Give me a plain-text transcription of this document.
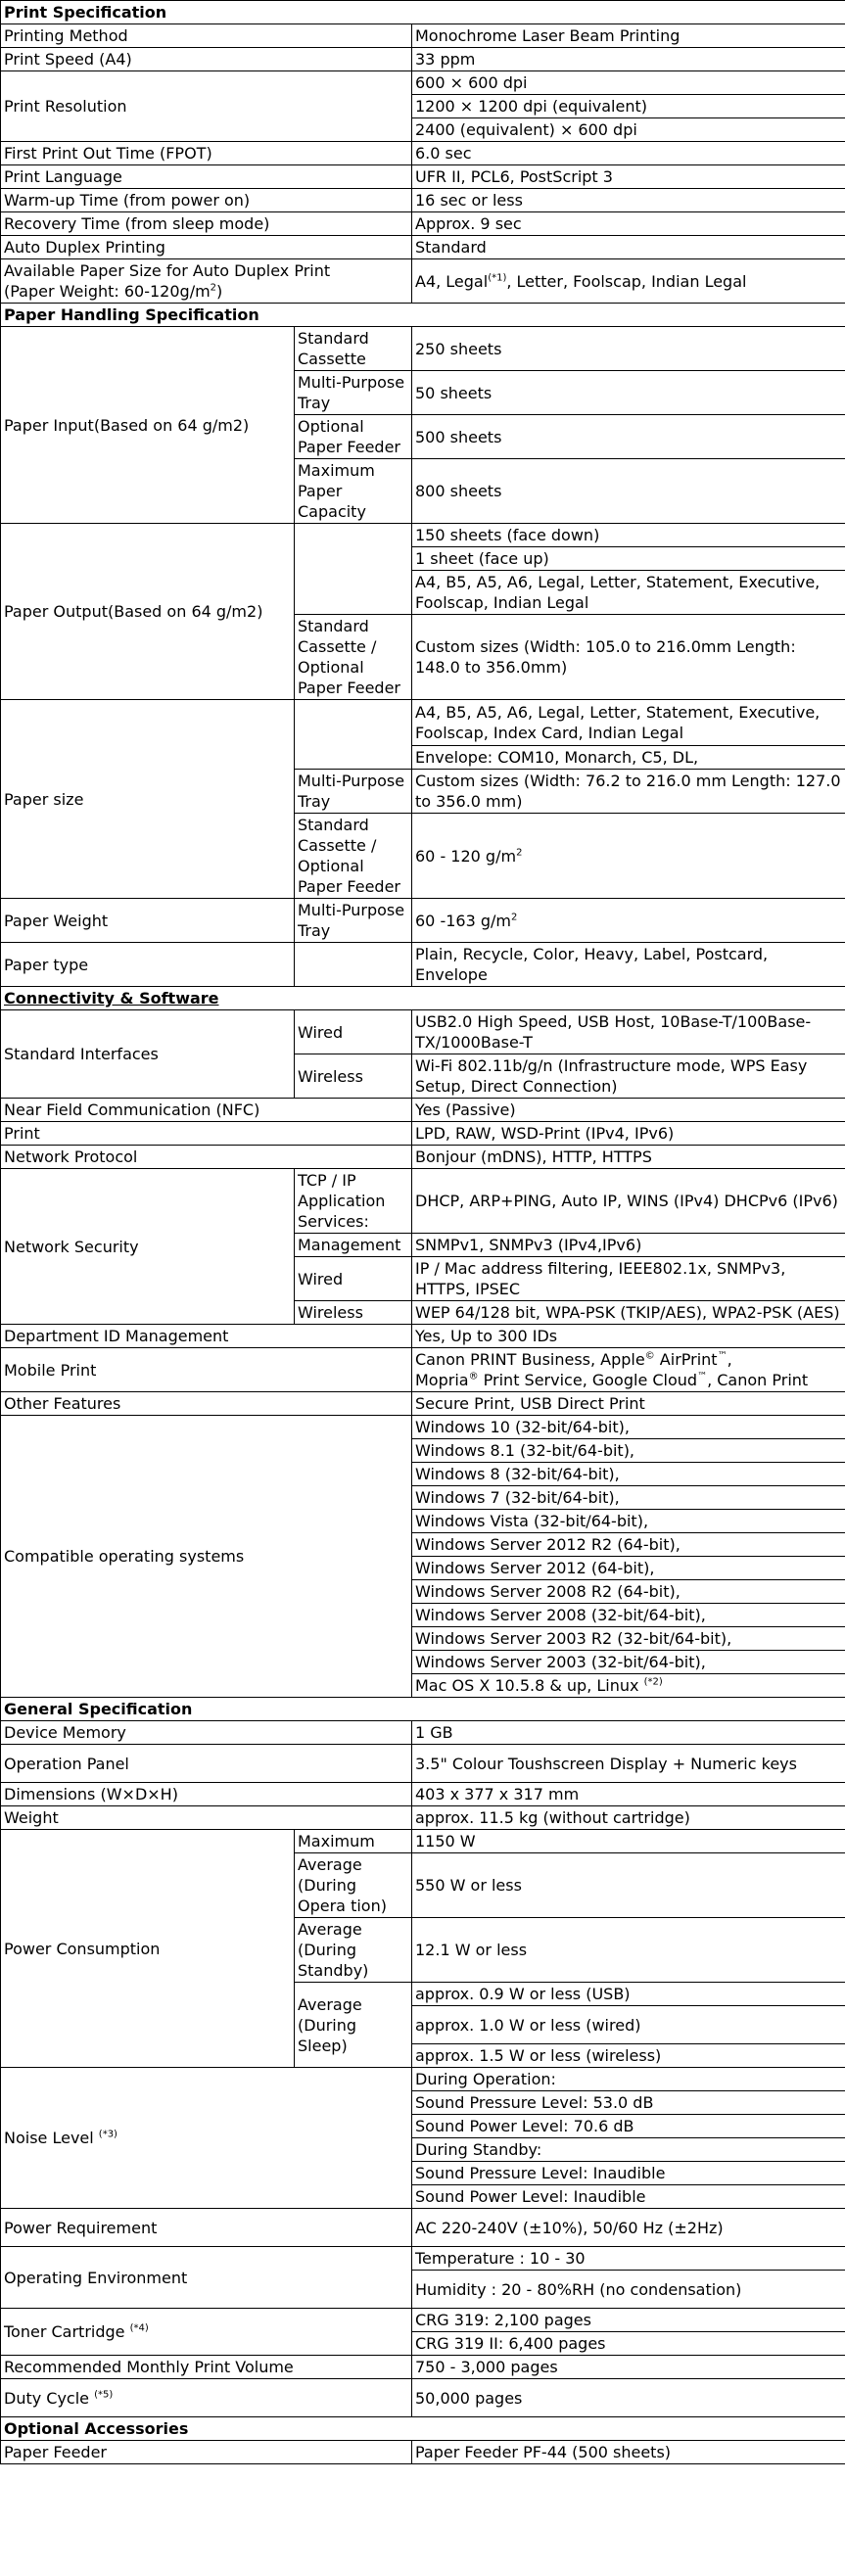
Print Specification		
Printing Method		Monochrome Laser Beam Printing
Print Speed (A4)		33 ppm
Print Resolution		600 × 600 dpi
		1200 × 1200 dpi (equivalent)
		2400 (equivalent) × 600 dpi
First Print Out Time (FPOT)		6.0 sec
Print Language		UFR II, PCL6, PostScript 3
Warm-up Time (from power on)		16 sec or less
Recovery Time (from sleep mode)		Approx. 9 sec
Auto Duplex Printing		Standard
Available Paper Size for Auto Duplex Print
(Paper Weight: $60-120g/m^2$)		A4, Legal$^{(*1)}$, Letter, Foolscap, Indian Legal
Paper Handling Specification		
Paper Input(Based on 64 g/m2)	Standard Cassette	250 sheets
	Multi-Purpose Tray	50 sheets
	Optional Paper Feeder	500 sheets
	Maximum Paper Capacity	800 sheets
Paper Output(Based on 64 g/m2)		150 sheets (face down)
		1 sheet (face up)
		A4, B5, A5, A6, Legal, Letter, Statement, Executive, Foolscap, Indian Legal
	Standard Cassette / Optional Paper Feeder	Custom sizes (Width: 105.0 to 216.0mm Length: 148.0 to 356.0mm)
Paper size		A4, B5, A5, A6, Legal, Letter, Statement, Executive, Foolscap, Index Card, Indian Legal
		Envelope: COM10, Monarch, C5, DL,
	Multi-Purpose Tray	Custom sizes (Width: 76.2 to 216.0 mm Length: 127.0 to 356.0 mm)
	Standard Cassette / Optional Paper Feeder	60 - 120 $g/m^2$
Paper Weight	Multi-Purpose Tray	60 -163 $g/m^2$
Paper type		Plain, Recycle, Color, Heavy, Label, Postcard, Envelope
Connectivity & Software		
Standard Interfaces	Wired	USB2.0 High Speed, USB Host, 10Base-T/100Base-TX/1000Base-T
	Wireless	Wi-Fi 802.11b/g/n (Infrastructure mode, WPS Easy Setup, Direct Connection)
Near Field Communication (NFC)		Yes (Passive)
Print		LPD, RAW, WSD-Print (IPv4, IPv6)
Network Protocol		Bonjour (mDNS), HTTP, HTTPS
Network Security	TCP / IP Application Services:	DHCP, ARP+PING, Auto IP, WINS (IPv4) DHCPv6 (IPv6)
	Management	SNMPv1, SNMPv3 (IPv4,IPv6)
	Wired	IP / Mac address filtering, IEEE802.1x, SNMPv3, HTTPS, IPSEC
	Wireless	WEP 64/128 bit, WPA-PSK (TKIP/AES), WPA2-PSK (AES)
Department ID Management		Yes, Up to 300 IDs
Mobile Print		Canon PRINT Business, Apple© AirPrint™,
Mopria® Print Service, Google Cloud™, Canon Print
Other Features		Secure Print, USB Direct Print
Compatible operating systems		Windows 10 (32-bit/64-bit),
		Windows 8.1 (32-bit/64-bit),
		Windows 8 (32-bit/64-bit),
		Windows 7 (32-bit/64-bit),
		Windows Vista (32-bit/64-bit),
		Windows Server 2012 R2 (64-bit),
		Windows Server 2012 (64-bit),
		Windows Server 2008 R2 (64-bit),
		Windows Server 2008 (32-bit/64-bit),
		Windows Server 2003 R2 (32-bit/64-bit),
		Windows Server 2003 (32-bit/64-bit),
		Mac OS X 10.5.8 & up, Linux $^{(*2)}$
General Specification		
Device Memory		1 GB
Operation Panel		3.5" Colour Toushscreen Display + Numeric keys
Dimensions (W×D×H)		403 x 377 x 317 mm
Weight		approx. 11.5 kg (without cartridge)
Power Consumption	Maximum	1150 W
	Average (During Opera tion)	550 W or less
	Average (During Standby)	12.1 W or less
	Average (During Sleep)	approx. 0.9 W or less (USB)
		approx. 1.0 W or less (wired)
		approx. 1.5 W or less (wireless)
Noise Level $^{(*3)}$		During Operation:
		Sound Pressure Level: 53.0 dB
		Sound Power Level: 70.6 dB
		During Standby:
		Sound Pressure Level: Inaudible
		Sound Power Level: Inaudible
Power Requirement		AC 220-240V (±10%), 50/60 Hz (±2Hz)
Operating Environment		Temperature : 10 - 30
		Humidity : 20 - 80%RH (no condensation)
Toner Cartridge $^{(*4)}$		CRG 319: 2,100 pages
		CRG 319 II: 6,400 pages
Recommended Monthly Print Volume		750 - 3,000 pages
Duty Cycle $^{(*5)}$		50,000 pages
Optional Accessories		
Paper Feeder		Paper Feeder PF-44 (500 sheets)
